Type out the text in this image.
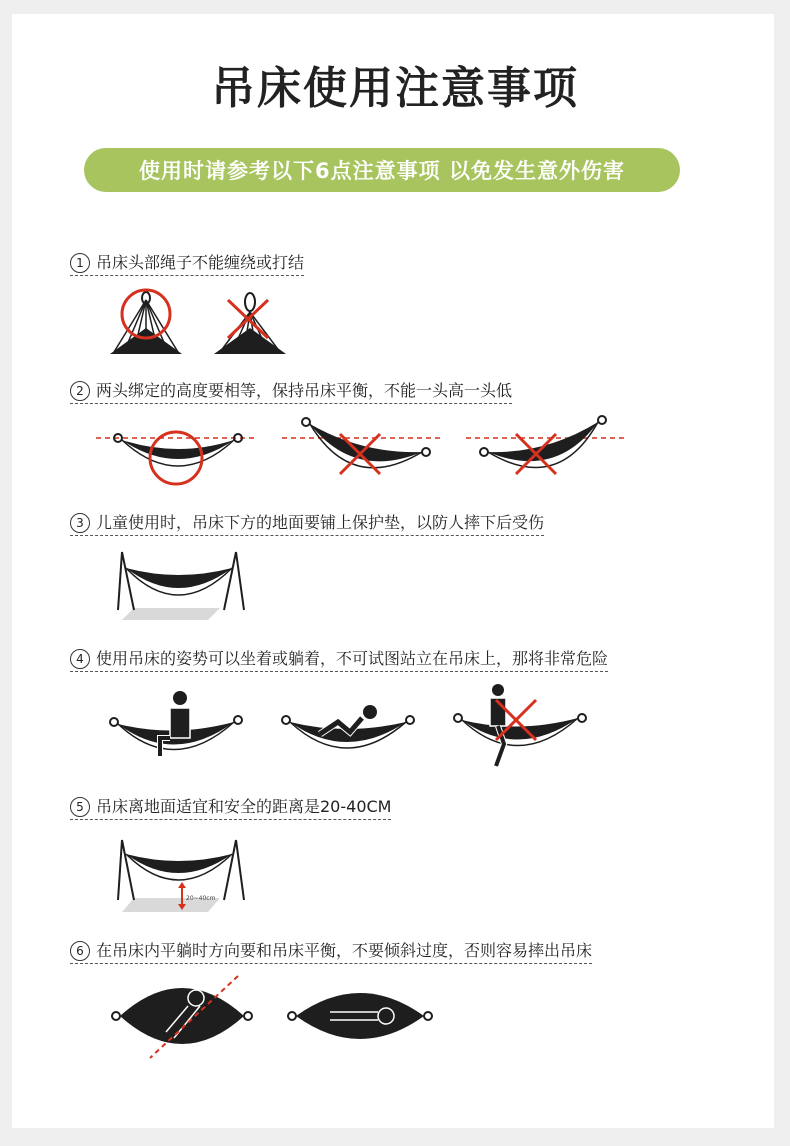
吊床使用注意事项
使用时请参考以下6点注意事项 以免发生意外伤害
1 吊床头部绳子不能缠绕或打结
2 两头绑定的高度要相等，保持吊床平衡，不能一头高一头低
3 儿童使用时，吊床下方的地面要铺上保护垫，以防人摔下后受伤
4 使用吊床的姿势可以坐着或躺着，不可试图站立在吊床上，那将非常危险
5 吊床离地面适宜和安全的距离是20-40CM
20~40cm
6 在吊床内平躺时方向要和吊床平衡，不要倾斜过度，否则容易摔出吊床
